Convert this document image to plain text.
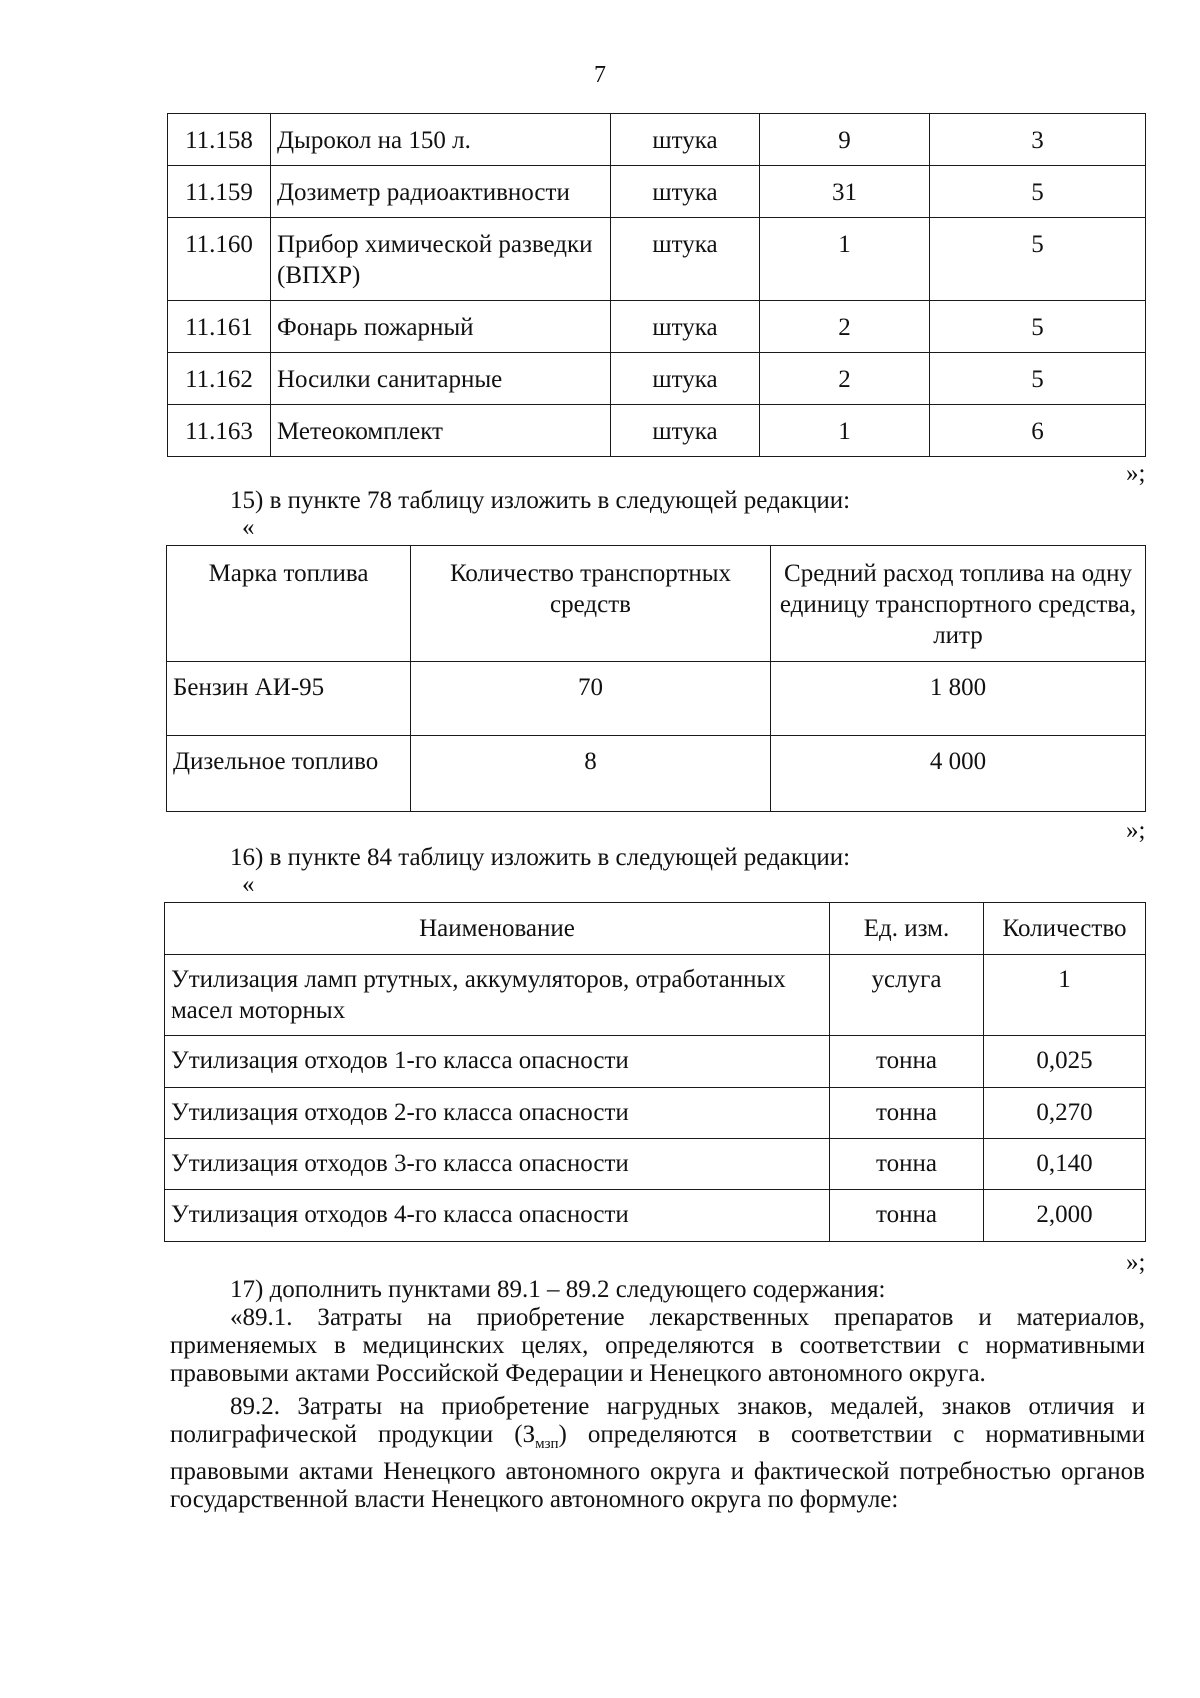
7
11.158	Дырокол на 150 л.	штука	9	3
11.159	Дозиметр радиоактивности	штука	31	5
11.160	Прибор химической разведки (ВПХР)	штука	1	5
11.161	Фонарь пожарный	штука	2	5
11.162	Носилки санитарные	штука	2	5
11.163	Метеокомплект	штука	1	6
»;
15) в пункте 78 таблицу изложить в следующей редакции:
«
Марка топлива	Количество транспортных средств	Средний расход топлива на одну единицу транспортного средства, литр
Бензин АИ-95	70	1 800
Дизельное топливо	8	4 000
»;
16) в пункте 84 таблицу изложить в следующей редакции:
«
Наименование	Ед. изм.	Количество
Утилизация ламп ртутных, аккумуляторов, отработанных масел моторных	услуга	1
Утилизация отходов 1-го класса опасности	тонна	0,025
Утилизация отходов 2-го класса опасности	тонна	0,270
Утилизация отходов 3-го класса опасности	тонна	0,140
Утилизация отходов 4-го класса опасности	тонна	2,000
»;
17) дополнить пунктами 89.1 – 89.2 следующего содержания:
«89.1. Затраты на приобретение лекарственных препаратов и материалов, применяемых в медицинских целях, определяются в соответствии с нормативными правовыми актами Российской Федерации и Ненецкого автономного округа.
89.2. Затраты на приобретение нагрудных знаков, медалей, знаков отличия и полиграфической продукции $(З_{мзп})$ определяются в соответствии с нормативными правовыми актами Ненецкого автономного округа и фактической потребностью органов государственной власти Ненецкого автономного округа по формуле:
